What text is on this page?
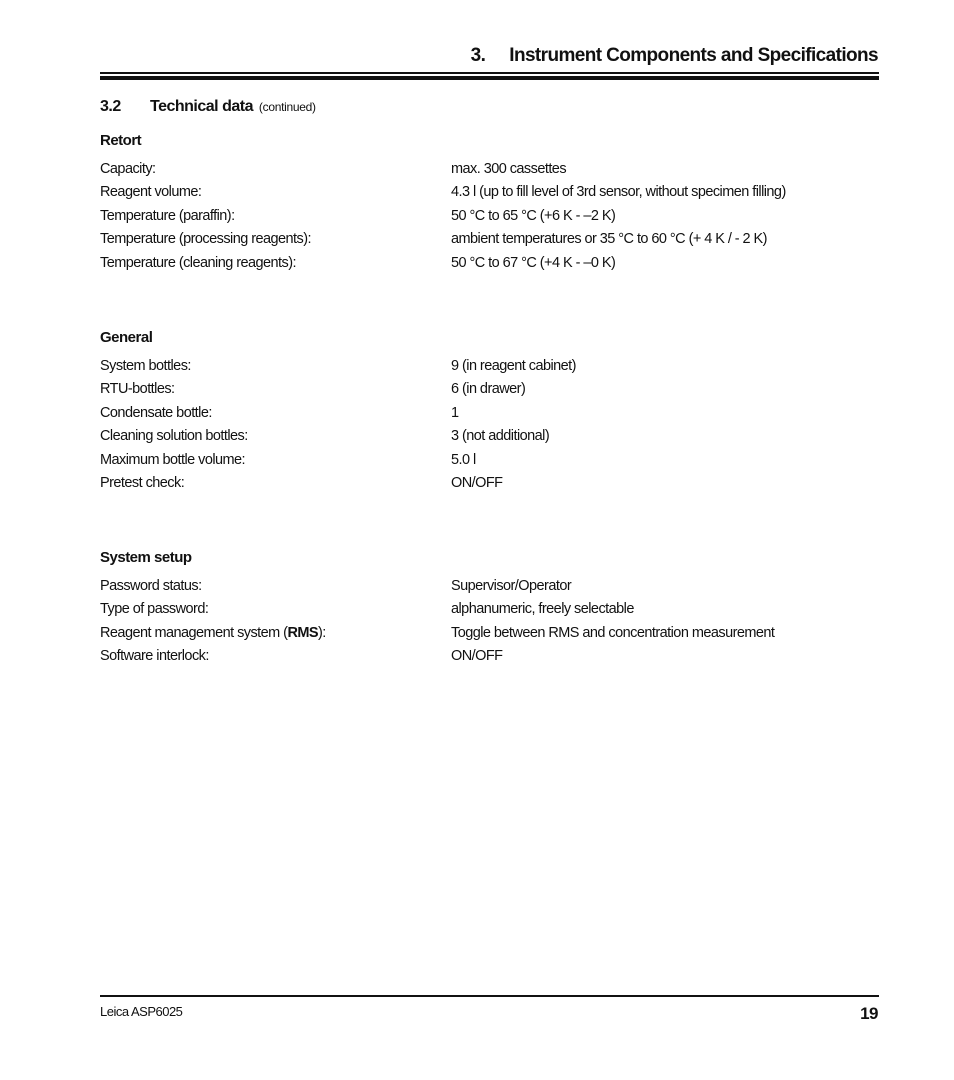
3. Instrument Components and Specifications
3.2 Technical data (continued)
Retort
Capacity:	max. 300 cassettes
Reagent volume:	4.3 l (up to fill level of 3rd sensor, without specimen filling)
Temperature (paraffin):	50 °C to 65 °C (+6 K - –2 K)
Temperature (processing reagents):	ambient temperatures or 35 °C to 60 °C (+ 4 K / - 2 K)
Temperature (cleaning reagents):	50 °C to 67 °C (+4 K - –0 K)
General
System bottles:	9 (in reagent cabinet)
RTU-bottles:	6 (in drawer)
Condensate bottle:	1
Cleaning solution bottles:	3 (not additional)
Maximum bottle volume:	5.0 l
Pretest check:	ON/OFF
System setup
Password status:	Supervisor/Operator
Type of password:	alphanumeric, freely selectable
Reagent management system (RMS):	Toggle between RMS and concentration measurement
Software interlock:	ON/OFF
Leica ASP6025	19
